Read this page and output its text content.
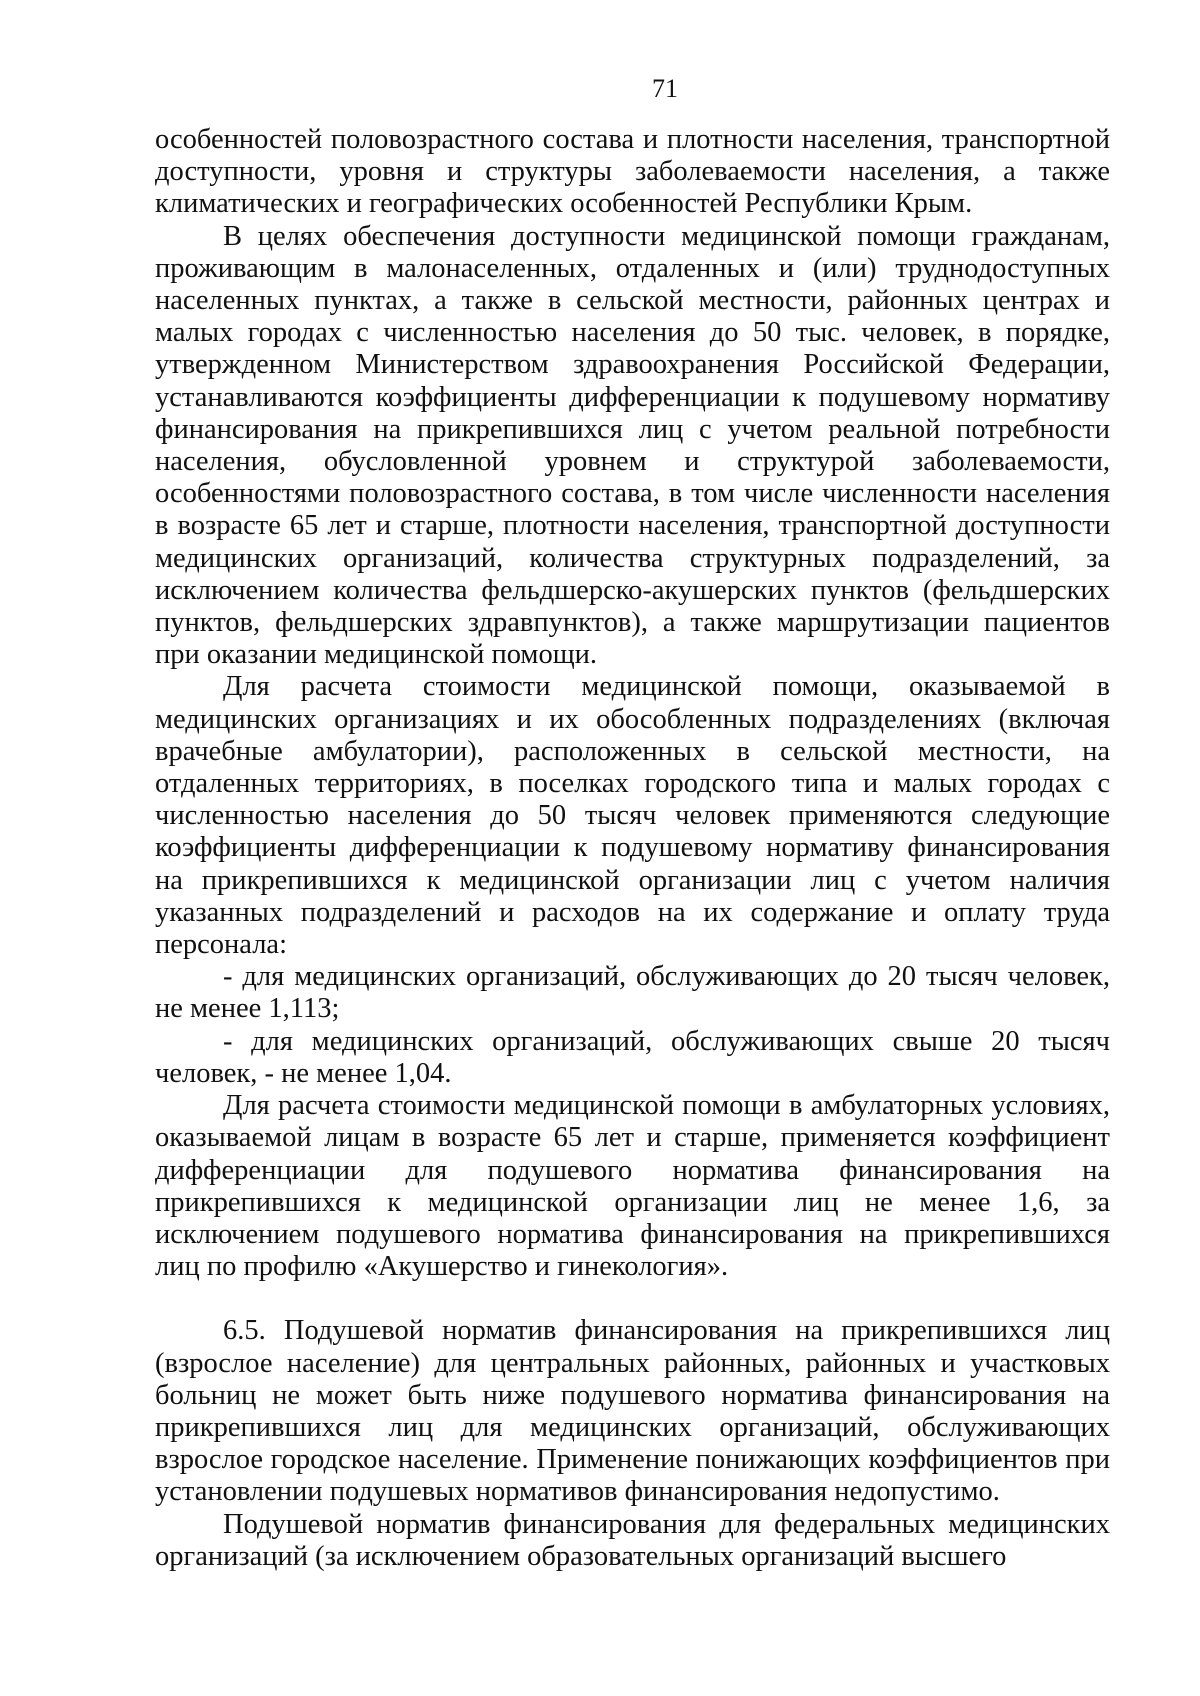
71

особенностей половозрастного состава и плотности населения, транспортной доступности, уровня и структуры заболеваемости населения, а также климатических и географических особенностей Республики Крым.

В целях обеспечения доступности медицинской помощи гражданам, проживающим в малонаселенных, отдаленных и (или) труднодоступных населенных пунктах, а также в сельской местности, районных центрах и малых городах с численностью населения до 50 тыс. человек, в порядке, утвержденном Министерством здравоохранения Российской Федерации, устанавливаются коэффициенты дифференциации к подушевому нормативу финансирования на прикрепившихся лиц с учетом реальной потребности населения, обусловленной уровнем и структурой заболеваемости, особенностями половозрастного состава, в том числе численности населения в возрасте 65 лет и старше, плотности населения, транспортной доступности медицинских организаций, количества структурных подразделений, за исключением количества фельдшерско-акушерских пунктов (фельдшерских пунктов, фельдшерских здравпунктов), а также маршрутизации пациентов при оказании медицинской помощи.

Для расчета стоимости медицинской помощи, оказываемой в медицинских организациях и их обособленных подразделениях (включая врачебные амбулатории), расположенных в сельской местности, на отдаленных территориях, в поселках городского типа и малых городах с численностью населения до 50 тысяч человек применяются следующие коэффициенты дифференциации к подушевому нормативу финансирования на прикрепившихся к медицинской организации лиц с учетом наличия указанных подразделений и расходов на их содержание и оплату труда персонала:

- для медицинских организаций, обслуживающих до 20 тысяч человек, не менее 1,113;

- для медицинских организаций, обслуживающих свыше 20 тысяч человек, - не менее 1,04.

Для расчета стоимости медицинской помощи в амбулаторных условиях, оказываемой лицам в возрасте 65 лет и старше, применяется коэффициент дифференциации для подушевого норматива финансирования на прикрепившихся к медицинской организации лиц не менее 1,6, за исключением подушевого норматива финансирования на прикрепившихся лиц по профилю «Акушерство и гинекология».

6.5. Подушевой норматив финансирования на прикрепившихся лиц (взрослое население) для центральных районных, районных и участковых больниц не может быть ниже подушевого норматива финансирования на прикрепившихся лиц для медицинских организаций, обслуживающих взрослое городское население. Применение понижающих коэффициентов при установлении подушевых нормативов финансирования недопустимо.

Подушевой норматив финансирования для федеральных медицинских организаций (за исключением образовательных организаций высшего
